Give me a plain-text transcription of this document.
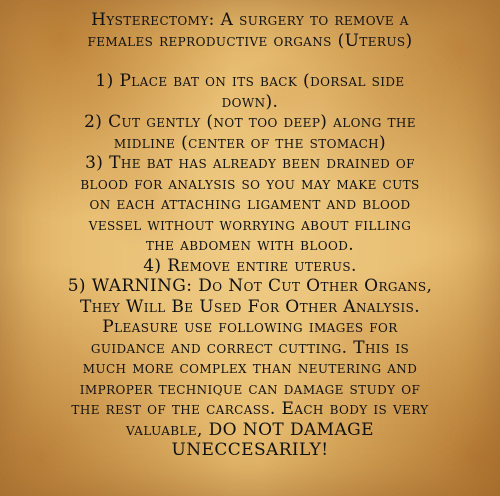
Hysterectomy: A surgery to remove a
females reproductive organs (Uterus)
1) Place bat on its back (dorsal side
down).
2) Cut gently (not too deep) along the
midline (center of the stomach)
3) The bat has already been drained of
blood for analysis so you may make cuts
on each attaching ligament and blood
vessel without worrying about filling
the abdomen with blood.
4) Remove entire uterus.
5) WARNING: Do Not Cut Other Organs,
They Will Be Used For Other Analysis.
Pleasure use following images for
guidance and correct cutting. This is
much more complex than neutering and
improper technique can damage study of
the rest of the carcass. Each body is very
valuable, DO NOT DAMAGE
UNECCESARILY!
